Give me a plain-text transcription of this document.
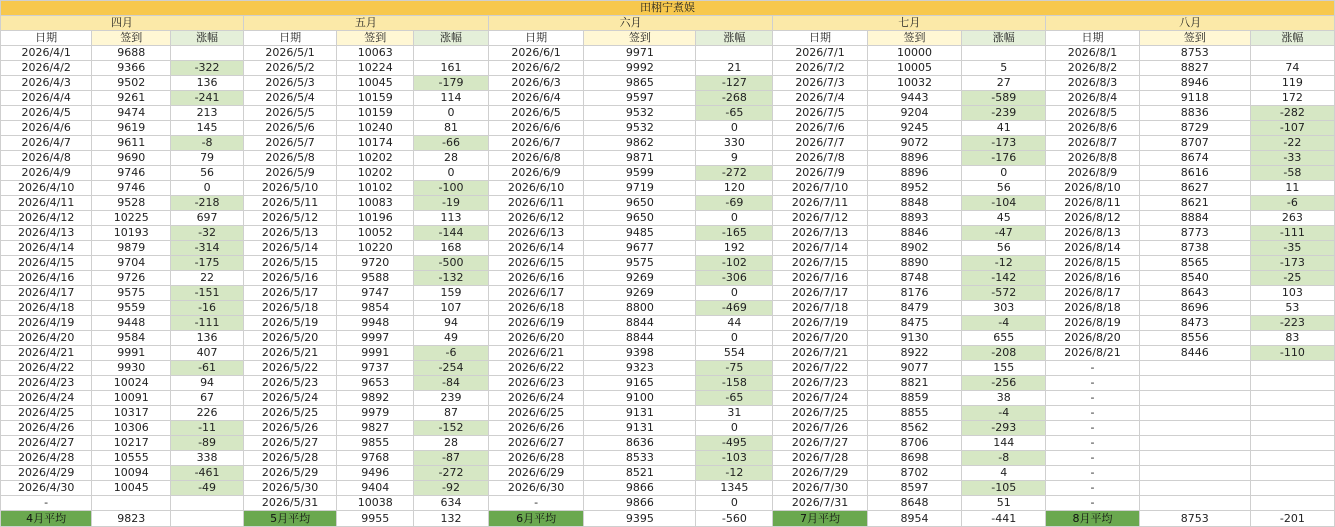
田栩宁煮娱														
四月			五月			六月			七月			八月		
日期	签到	涨幅	日期	签到	涨幅	日期	签到	涨幅	日期	签到	涨幅	日期	签到	涨幅
2026/4/1	9688		2026/5/1	10063		2026/6/1	9971		2026/7/1	10000		2026/8/1	8753	
2026/4/2	9366	-322	2026/5/2	10224	161	2026/6/2	9992	21	2026/7/2	10005	5	2026/8/2	8827	74
2026/4/3	9502	136	2026/5/3	10045	-179	2026/6/3	9865	-127	2026/7/3	10032	27	2026/8/3	8946	119
2026/4/4	9261	-241	2026/5/4	10159	114	2026/6/4	9597	-268	2026/7/4	9443	-589	2026/8/4	9118	172
2026/4/5	9474	213	2026/5/5	10159	0	2026/6/5	9532	-65	2026/7/5	9204	-239	2026/8/5	8836	-282
2026/4/6	9619	145	2026/5/6	10240	81	2026/6/6	9532	0	2026/7/6	9245	41	2026/8/6	8729	-107
2026/4/7	9611	-8	2026/5/7	10174	-66	2026/6/7	9862	330	2026/7/7	9072	-173	2026/8/7	8707	-22
2026/4/8	9690	79	2026/5/8	10202	28	2026/6/8	9871	9	2026/7/8	8896	-176	2026/8/8	8674	-33
2026/4/9	9746	56	2026/5/9	10202	0	2026/6/9	9599	-272	2026/7/9	8896	0	2026/8/9	8616	-58
2026/4/10	9746	0	2026/5/10	10102	-100	2026/6/10	9719	120	2026/7/10	8952	56	2026/8/10	8627	11
2026/4/11	9528	-218	2026/5/11	10083	-19	2026/6/11	9650	-69	2026/7/11	8848	-104	2026/8/11	8621	-6
2026/4/12	10225	697	2026/5/12	10196	113	2026/6/12	9650	0	2026/7/12	8893	45	2026/8/12	8884	263
2026/4/13	10193	-32	2026/5/13	10052	-144	2026/6/13	9485	-165	2026/7/13	8846	-47	2026/8/13	8773	-111
2026/4/14	9879	-314	2026/5/14	10220	168	2026/6/14	9677	192	2026/7/14	8902	56	2026/8/14	8738	-35
2026/4/15	9704	-175	2026/5/15	9720	-500	2026/6/15	9575	-102	2026/7/15	8890	-12	2026/8/15	8565	-173
2026/4/16	9726	22	2026/5/16	9588	-132	2026/6/16	9269	-306	2026/7/16	8748	-142	2026/8/16	8540	-25
2026/4/17	9575	-151	2026/5/17	9747	159	2026/6/17	9269	0	2026/7/17	8176	-572	2026/8/17	8643	103
2026/4/18	9559	-16	2026/5/18	9854	107	2026/6/18	8800	-469	2026/7/18	8479	303	2026/8/18	8696	53
2026/4/19	9448	-111	2026/5/19	9948	94	2026/6/19	8844	44	2026/7/19	8475	-4	2026/8/19	8473	-223
2026/4/20	9584	136	2026/5/20	9997	49	2026/6/20	8844	0	2026/7/20	9130	655	2026/8/20	8556	83
2026/4/21	9991	407	2026/5/21	9991	-6	2026/6/21	9398	554	2026/7/21	8922	-208	2026/8/21	8446	-110
2026/4/22	9930	-61	2026/5/22	9737	-254	2026/6/22	9323	-75	2026/7/22	9077	155	-		
2026/4/23	10024	94	2026/5/23	9653	-84	2026/6/23	9165	-158	2026/7/23	8821	-256	-		
2026/4/24	10091	67	2026/5/24	9892	239	2026/6/24	9100	-65	2026/7/24	8859	38	-		
2026/4/25	10317	226	2026/5/25	9979	87	2026/6/25	9131	31	2026/7/25	8855	-4	-		
2026/4/26	10306	-11	2026/5/26	9827	-152	2026/6/26	9131	0	2026/7/26	8562	-293	-		
2026/4/27	10217	-89	2026/5/27	9855	28	2026/6/27	8636	-495	2026/7/27	8706	144	-		
2026/4/28	10555	338	2026/5/28	9768	-87	2026/6/28	8533	-103	2026/7/28	8698	-8	-		
2026/4/29	10094	-461	2026/5/29	9496	-272	2026/6/29	8521	-12	2026/7/29	8702	4	-		
2026/4/30	10045	-49	2026/5/30	9404	-92	2026/6/30	9866	1345	2026/7/30	8597	-105	-		
-			2026/5/31	10038	634	-	9866	0	2026/7/31	8648	51	-		
4月平均	9823		5月平均	9955	132	6月平均	9395	-560	7月平均	8954	-441	8月平均	8753	-201
